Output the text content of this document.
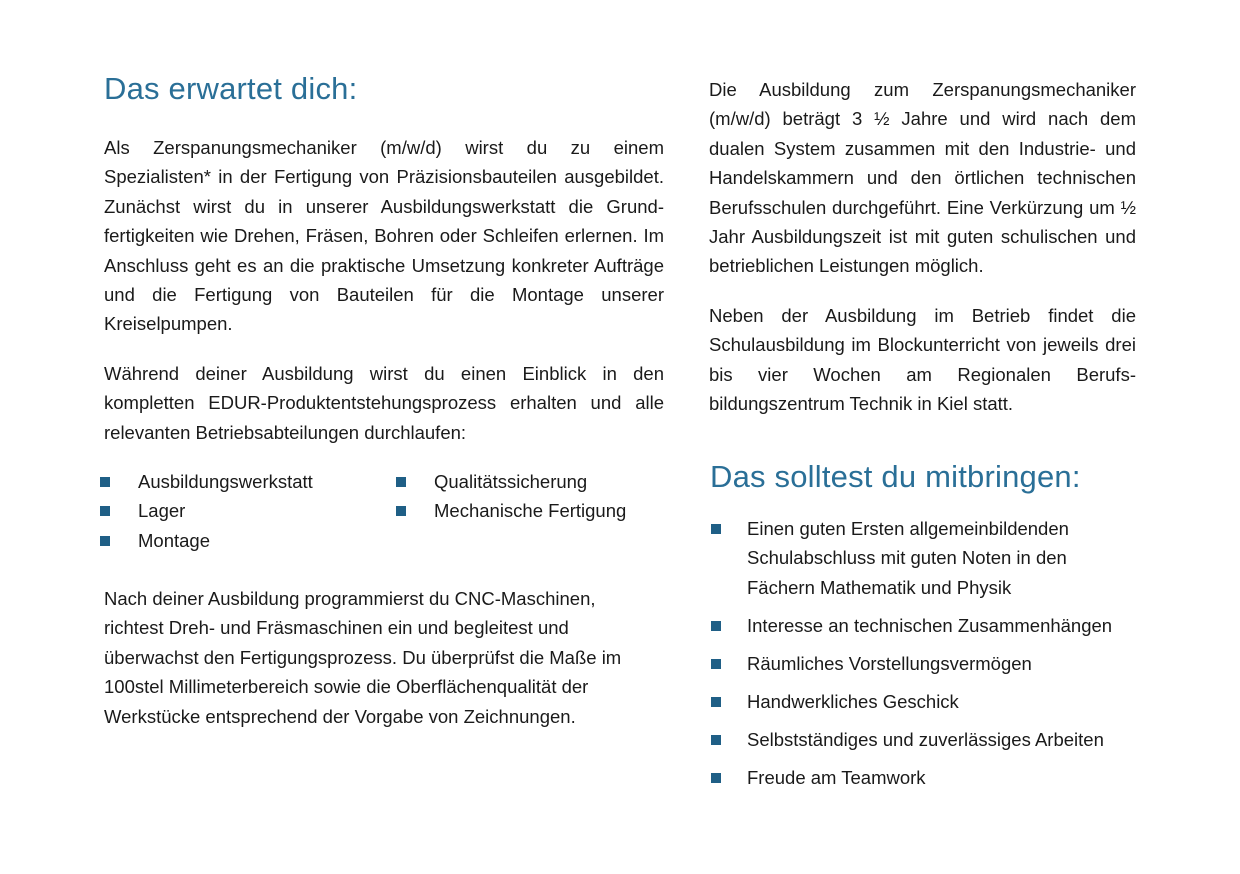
Das erwartet dich:

Als Zerspanungsmechaniker (m/w/d) wirst du zu einem Spezialisten* in der Fertigung von Präzisionsbauteilen ausgebildet. Zunächst wirst du in unserer Ausbildungswerkstatt die Grundfertigkeiten wie Drehen, Fräsen, Bohren oder Schleifen erlernen. Im Anschluss geht es an die praktische Umsetzung konkreter Aufträge und die Fertigung von Bauteilen für die Montage unserer Kreiselpumpen.

Während deiner Ausbildung wirst du einen Einblick in den kompletten EDUR-Produktentstehungsprozess erhalten und alle relevanten Betriebsabteilungen durchlaufen:

Ausbildungswerkstatt
Lager
Montage
Qualitätssicherung
Mechanische Fertigung

Nach deiner Ausbildung programmierst du CNC-Maschinen,

richtest Dreh- und Fräsmaschinen ein und begleitest und

überwachst den Fertigungsprozess. Du überprüfst die Maße im

100stel Millimeterbereich sowie die Oberflächenqualität der

Werkstücke entsprechend der Vorgabe von Zeichnungen.

Die Ausbildung zum Zerspanungsmechaniker (m/w/d) beträgt 3 ½ Jahre und wird nach dem dualen System zusammen mit den Industrie- und Handelskammern und den örtlichen technischen Berufsschulen durchgeführt. Eine Verkürzung um ½ Jahr Ausbildungszeit ist mit guten schulischen und betrieblichen Leistungen möglich.

Neben der Ausbildung im Betrieb findet die Schulausbildung im Blockunterricht von jeweils drei bis vier Wochen am Regionalen Berufsbildungszentrum Technik in Kiel statt.

Das solltest du mitbringen:
Einen guten Ersten allgemeinbildenden
Schulabschluss mit guten Noten in den
Fächern Mathematik und Physik
Interesse an technischen Zusammenhängen
Räumliches Vorstellungsvermögen
Handwerkliches Geschick
Selbstständiges und zuverlässiges Arbeiten
Freude am Teamwork
